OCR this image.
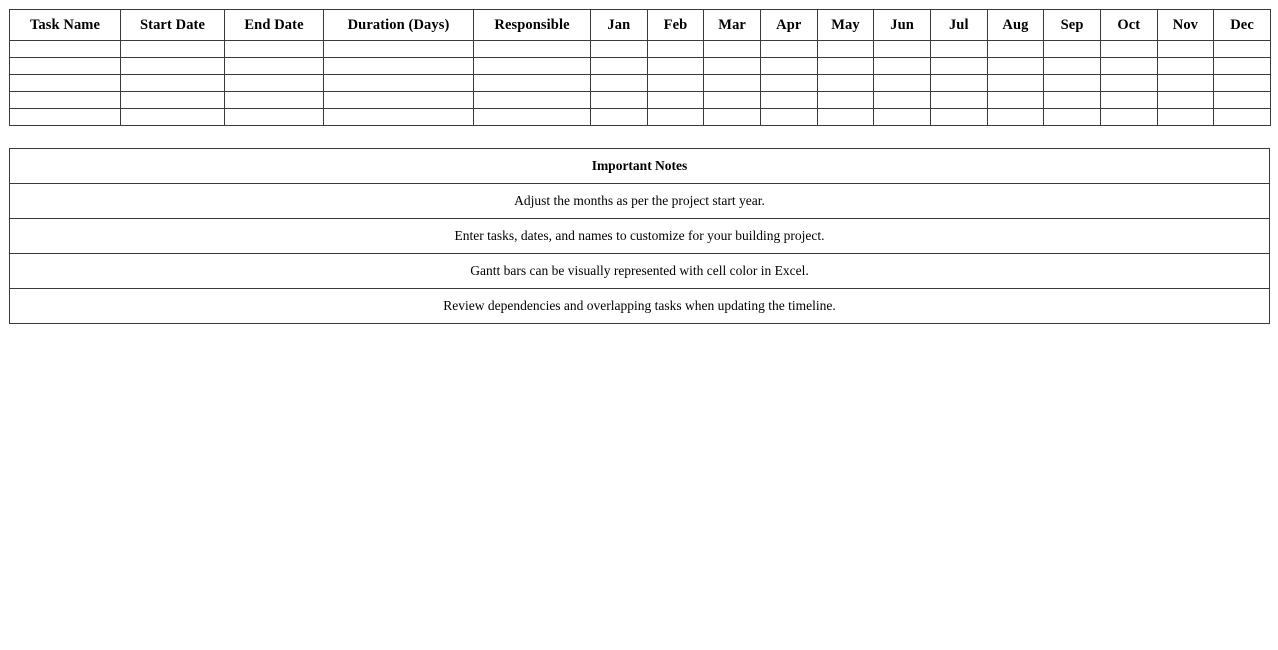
Task Name	Start Date	End Date	Duration (Days)	Responsible	Jan	Feb	Mar	Apr	May	Jun	Jul	Aug	Sep	Oct	Nov	Dec

Important Notes
Adjust the months as per the project start year.
Enter tasks, dates, and names to customize for your building project.
Gantt bars can be visually represented with cell color in Excel.
Review dependencies and overlapping tasks when updating the timeline.
